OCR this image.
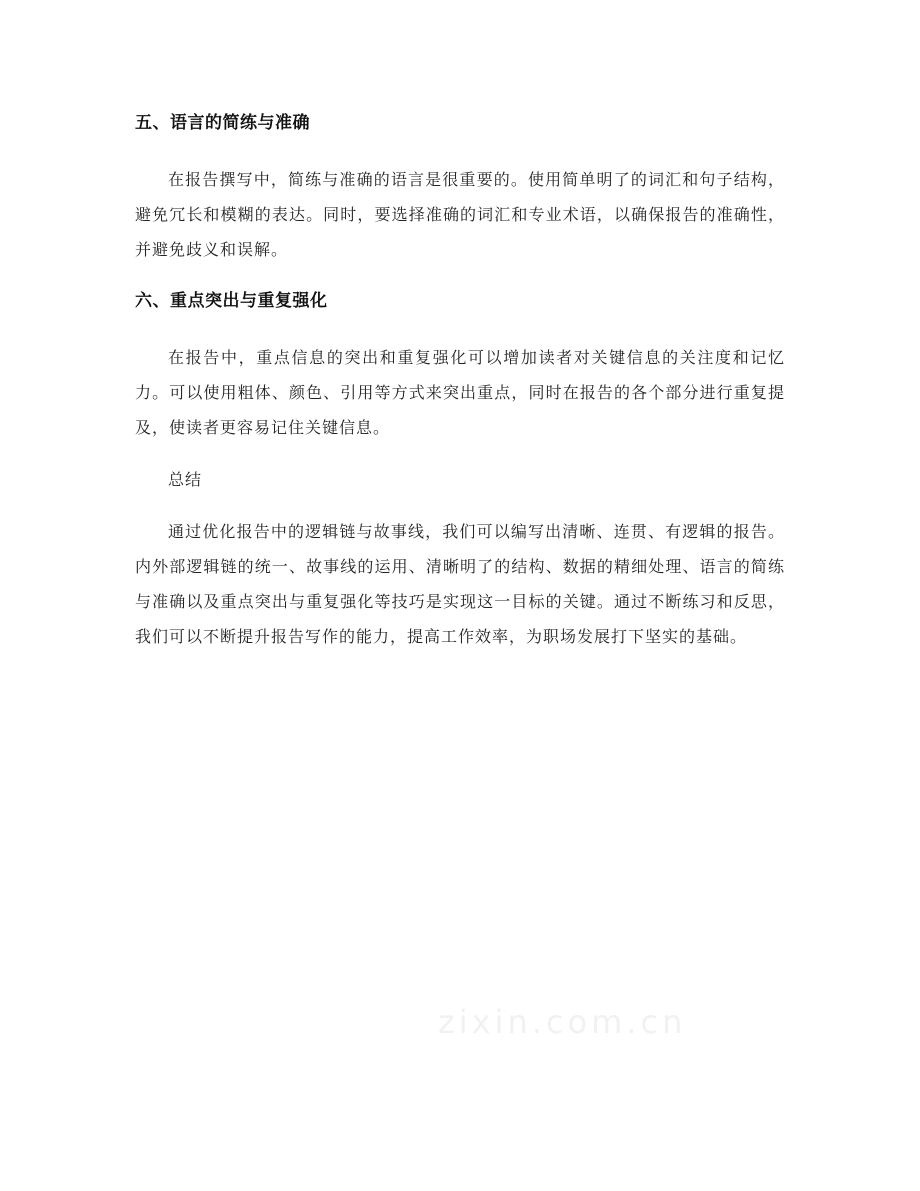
五、语言的简练与准确

在报告撰写中，简练与准确的语言是很重要的。使用简单明了的词汇和句子结构，避免冗长和模糊的表达。同时，要选择准确的词汇和专业术语，以确保报告的准确性，并避免歧义和误解。

六、重点突出与重复强化

在报告中，重点信息的突出和重复强化可以增加读者对关键信息的关注度和记忆力。可以使用粗体、颜色、引用等方式来突出重点，同时在报告的各个部分进行重复提及，使读者更容易记住关键信息。

总结

通过优化报告中的逻辑链与故事线，我们可以编写出清晰、连贯、有逻辑的报告。内外部逻辑链的统一、故事线的运用、清晰明了的结构、数据的精细处理、语言的简练与准确以及重点突出与重复强化等技巧是实现这一目标的关键。通过不断练习和反思，我们可以不断提升报告写作的能力，提高工作效率，为职场发展打下坚实的基础。

zixin.com.cn
